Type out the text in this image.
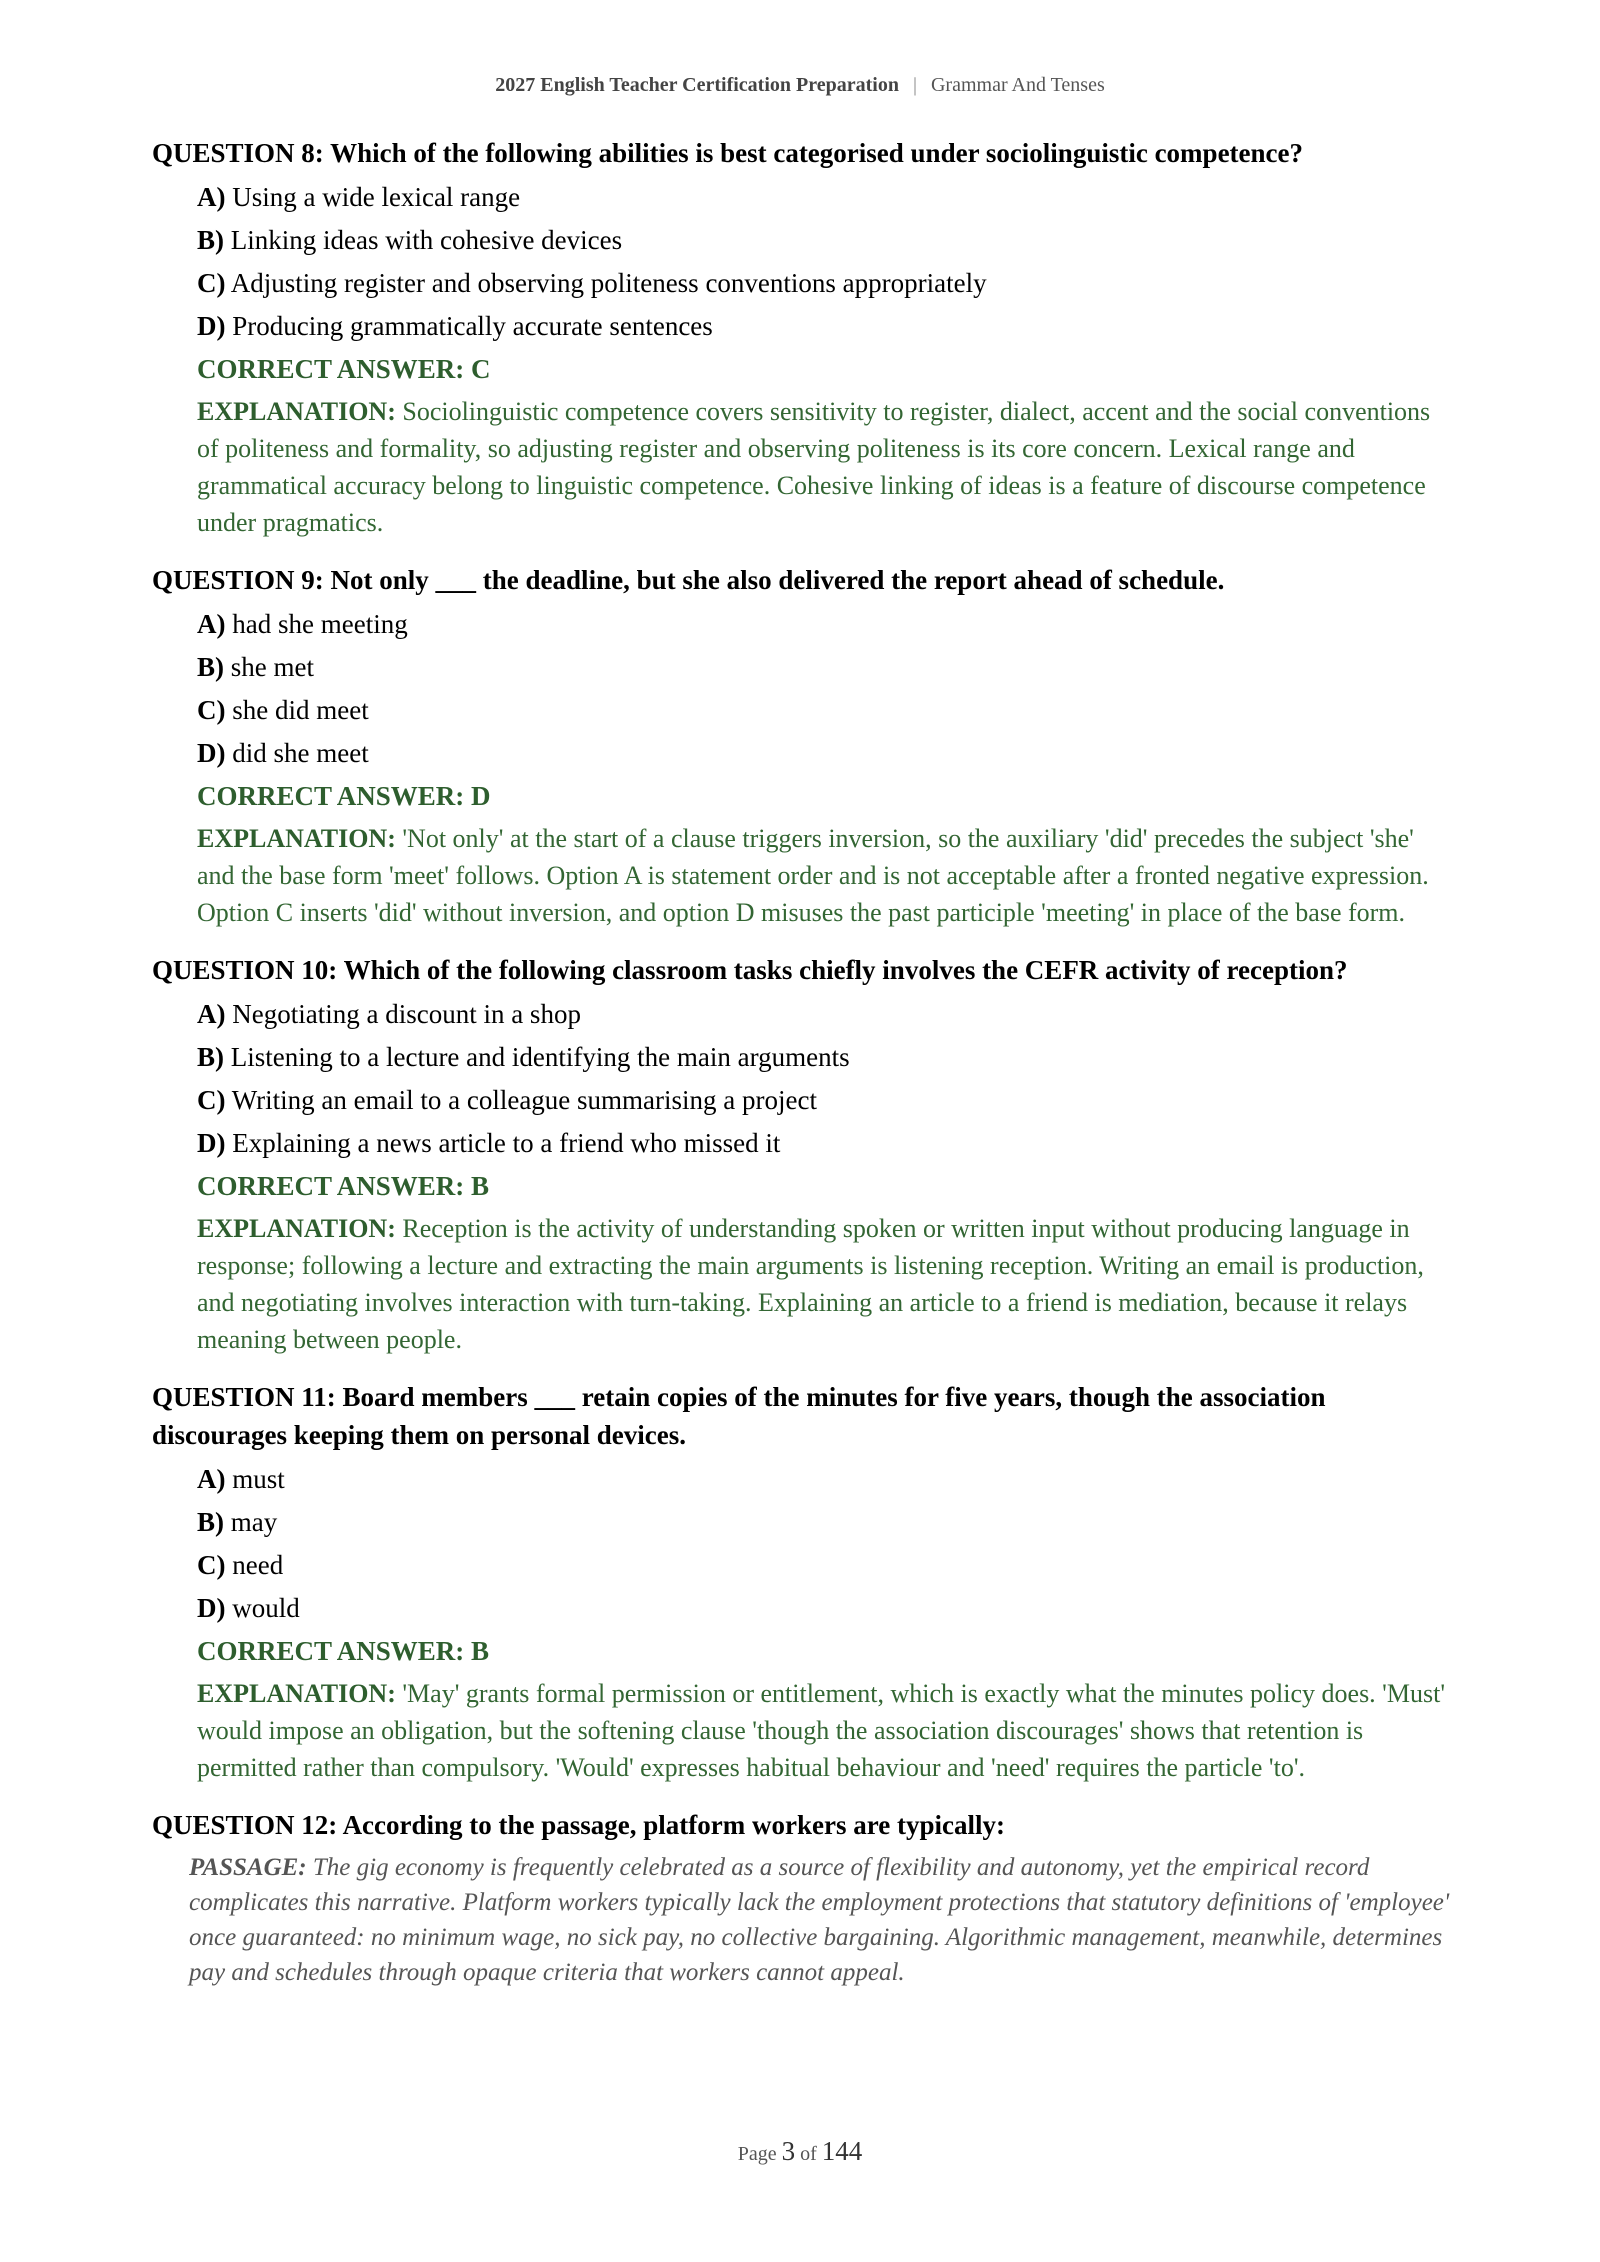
2027 English Teacher Certification Preparation | Grammar And Tenses
QUESTION 8: Which of the following abilities is best categorised under sociolinguistic competence?
A) Using a wide lexical range
B) Linking ideas with cohesive devices
C) Adjusting register and observing politeness conventions appropriately
D) Producing grammatically accurate sentences
CORRECT ANSWER: C
EXPLANATION: Sociolinguistic competence covers sensitivity to register, dialect, accent and the social conventions of politeness and formality, so adjusting register and observing politeness is its core concern. Lexical range and grammatical accuracy belong to linguistic competence. Cohesive linking of ideas is a feature of discourse competence under pragmatics.
QUESTION 9: Not only ___ the deadline, but she also delivered the report ahead of schedule.
A) had she meeting
B) she met
C) she did meet
D) did she meet
CORRECT ANSWER: D
EXPLANATION: 'Not only' at the start of a clause triggers inversion, so the auxiliary 'did' precedes the subject 'she' and the base form 'meet' follows. Option A is statement order and is not acceptable after a fronted negative expression. Option C inserts 'did' without inversion, and option D misuses the past participle 'meeting' in place of the base form.
QUESTION 10: Which of the following classroom tasks chiefly involves the CEFR activity of reception?
A) Negotiating a discount in a shop
B) Listening to a lecture and identifying the main arguments
C) Writing an email to a colleague summarising a project
D) Explaining a news article to a friend who missed it
CORRECT ANSWER: B
EXPLANATION: Reception is the activity of understanding spoken or written input without producing language in response; following a lecture and extracting the main arguments is listening reception. Writing an email is production, and negotiating involves interaction with turn-taking. Explaining an article to a friend is mediation, because it relays meaning between people.
QUESTION 11: Board members ___ retain copies of the minutes for five years, though the association discourages keeping them on personal devices.
A) must
B) may
C) need
D) would
CORRECT ANSWER: B
EXPLANATION: 'May' grants formal permission or entitlement, which is exactly what the minutes policy does. 'Must' would impose an obligation, but the softening clause 'though the association discourages' shows that retention is permitted rather than compulsory. 'Would' expresses habitual behaviour and 'need' requires the particle 'to'.
QUESTION 12: According to the passage, platform workers are typically:
PASSAGE: The gig economy is frequently celebrated as a source of flexibility and autonomy, yet the empirical record complicates this narrative. Platform workers typically lack the employment protections that statutory definitions of 'employee' once guaranteed: no minimum wage, no sick pay, no collective bargaining. Algorithmic management, meanwhile, determines pay and schedules through opaque criteria that workers cannot appeal.
Page 3 of 144
